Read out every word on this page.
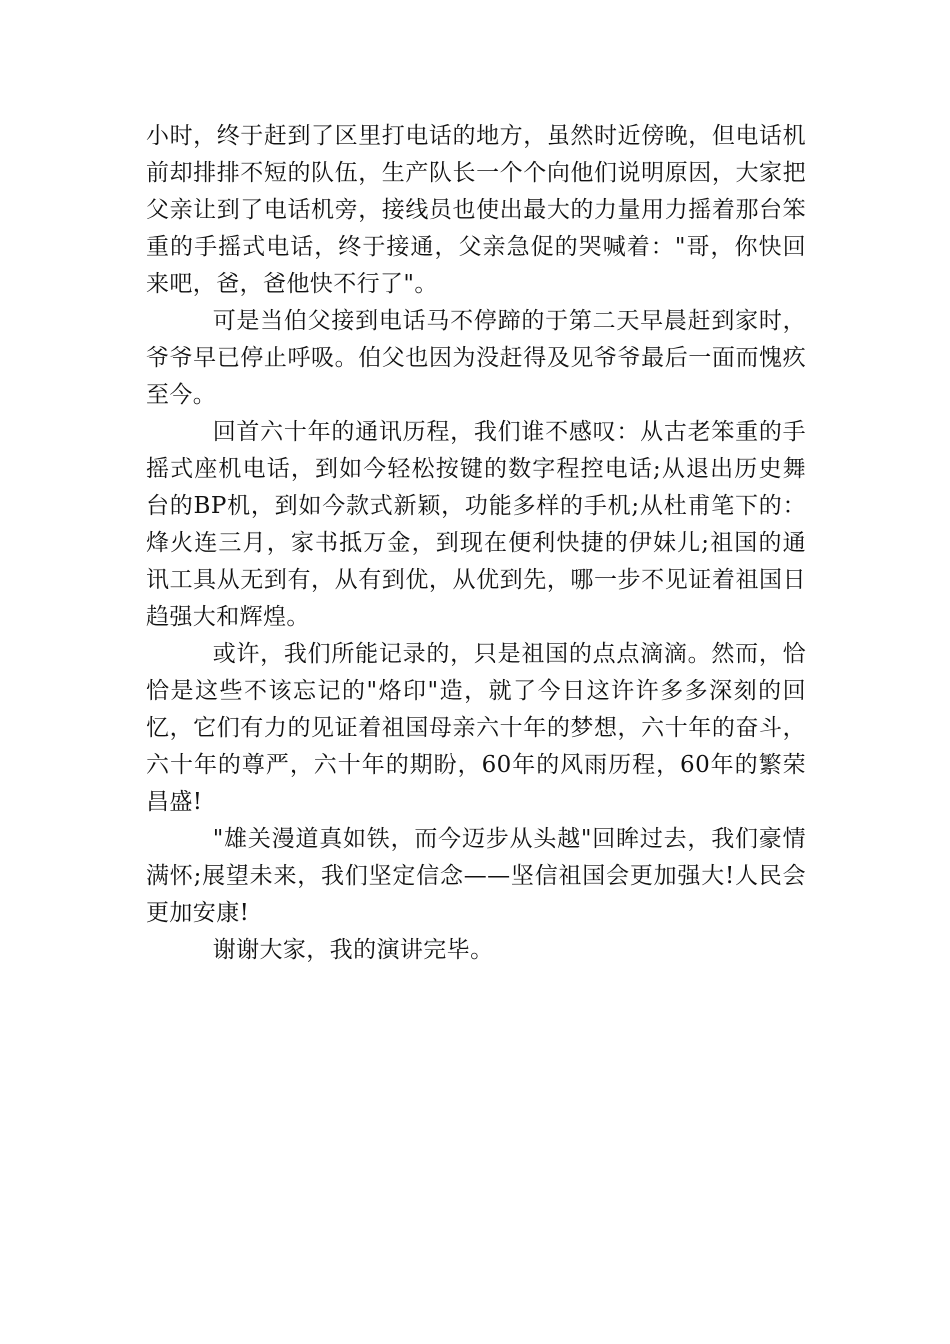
小时，终于赶到了区里打电话的地方，虽然时近傍晚，但电话机前却排排不短的队伍，生产队长一个个向他们说明原因，大家把父亲让到了电话机旁，接线员也使出最大的力量用力摇着那台笨重的手摇式电话，终于接通，父亲急促的哭喊着："哥，你快回来吧，爸，爸他快不行了"。

可是当伯父接到电话马不停蹄的于第二天早晨赶到家时，爷爷早已停止呼吸。伯父也因为没赶得及见爷爷最后一面而愧疚至今。

回首六十年的通讯历程，我们谁不感叹：从古老笨重的手摇式座机电话，到如今轻松按键的数字程控电话;从退出历史舞台的BP机，到如今款式新颖，功能多样的手机;从杜甫笔下的：烽火连三月，家书抵万金，到现在便利快捷的伊妹儿;祖国的通讯工具从无到有，从有到优，从优到先，哪一步不见证着祖国日趋强大和辉煌。

或许，我们所能记录的，只是祖国的点点滴滴。然而，恰恰是这些不该忘记的"烙印"造，就了今日这许许多多深刻的回忆，它们有力的见证着祖国母亲六十年的梦想，六十年的奋斗，六十年的尊严，六十年的期盼，60年的风雨历程，60年的繁荣昌盛!

"雄关漫道真如铁，而今迈步从头越"回眸过去，我们豪情满怀;展望未来，我们坚定信念——坚信祖国会更加强大!人民会更加安康!

谢谢大家，我的演讲完毕。
